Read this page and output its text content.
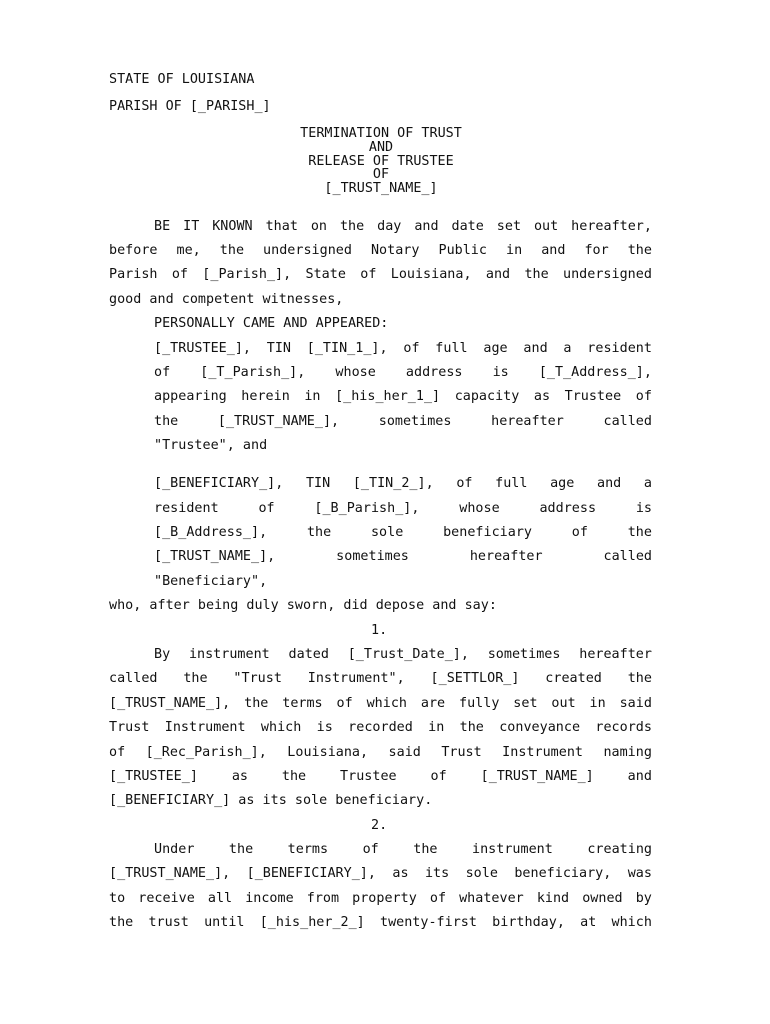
STATE OF LOUISIANA
PARISH OF [_PARISH_]
TERMINATION OF TRUST
AND
RELEASE OF TRUSTEE
OF
[_TRUST_NAME_]
BE IT KNOWN that on the day and date set out hereafter,
before me, the undersigned Notary Public in and for the
Parish of [_Parish_], State of Louisiana, and the undersigned
good and competent witnesses,
PERSONALLY CAME AND APPEARED:
[_TRUSTEE_], TIN [_TIN_1_], of full age and a resident
of [_T_Parish_], whose address is [_T_Address_],
appearing herein in [_his_her_1_] capacity as Trustee of
the	[_TRUST_NAME_],	sometimes	hereafter	called
"Trustee", and
[_BENEFICIARY_], TIN [_TIN_2_], of full age and a
resident	of	[_B_Parish_],	whose	address	is
[_B_Address_],	the	sole	beneficiary	of	the
[_TRUST_NAME_],	sometimes	hereafter	called
"Beneficiary",
who, after being duly sworn, did depose and say:
1.
By instrument dated [_Trust_Date_], sometimes hereafter
called the "Trust Instrument", [_SETTLOR_] created the
[_TRUST_NAME_], the terms of which are fully set out in said
Trust Instrument which is recorded in the conveyance records
of [_Rec_Parish_], Louisiana, said Trust Instrument naming
[_TRUSTEE_]	as	the	Trustee	of	[_TRUST_NAME_]	and
[_BENEFICIARY_] as its sole beneficiary.
2.
Under	the	terms	of	the	instrument	creating
[_TRUST_NAME_], [_BENEFICIARY_], as its sole beneficiary, was
to receive all income from property of whatever kind owned by
the trust until [_his_her_2_] twenty-first birthday, at which
